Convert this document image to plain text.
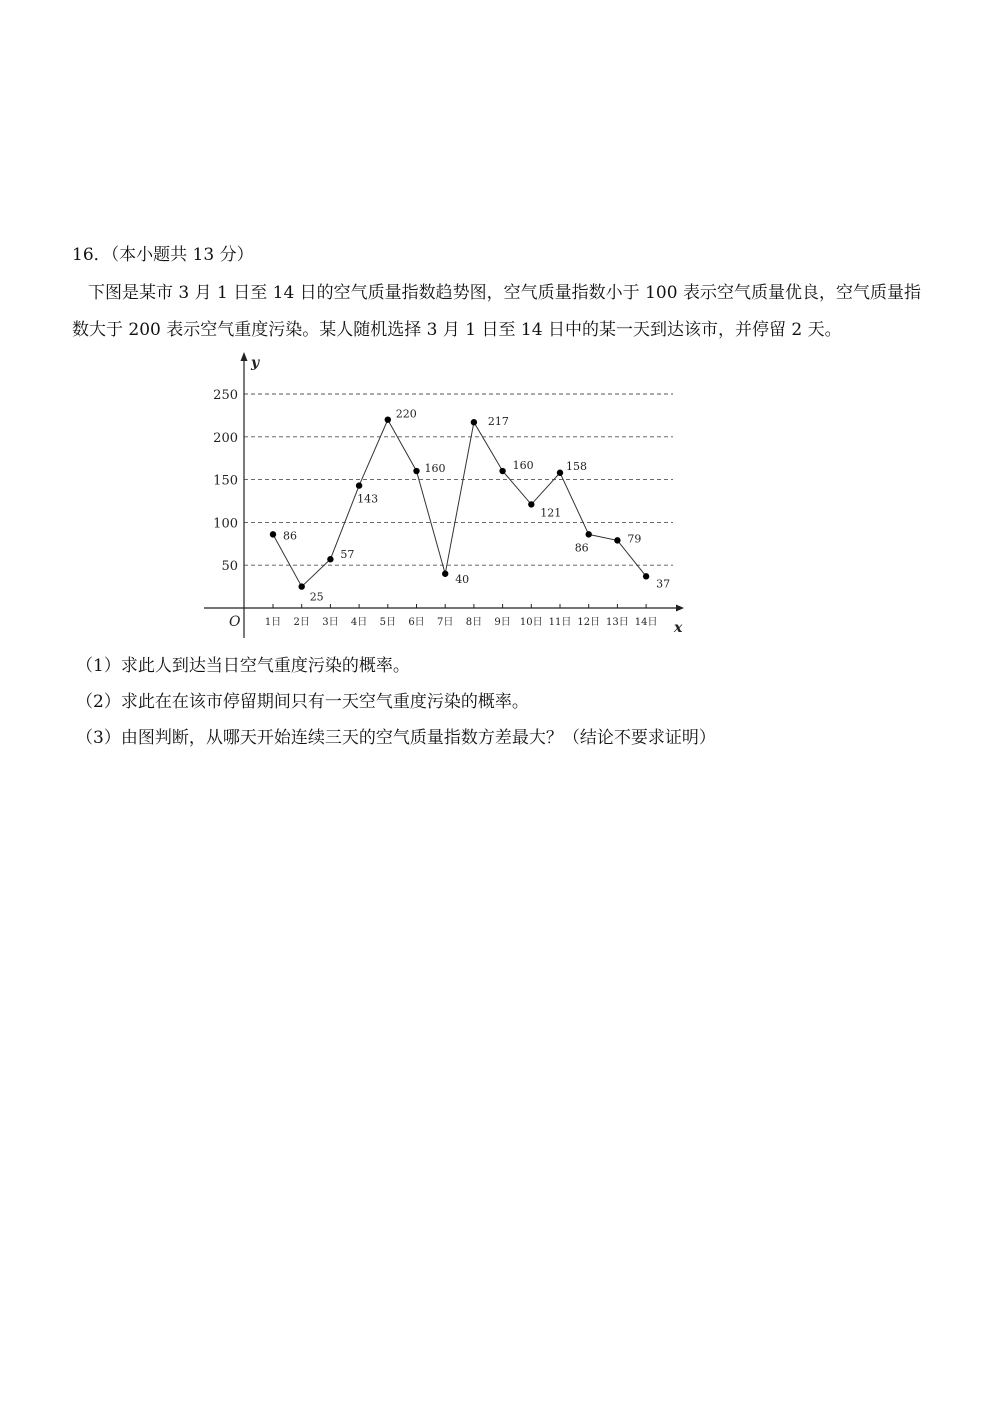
16．（本小题共 13 分）
下图是某市 3 月 1 日至 14 日的空气质量指数趋势图，空气质量指数小于 100 表示空气质量优良，空气质量指
数大于 200 表示空气重度污染。某人随机选择 3 月 1 日至 14 日中的某一天到达该市，并停留 2 天。
86
25
57
143
220
160
40
217
160
121
158
86
79
37
50
100
150
200
250
y
x
O 1日 2日 3日 4日 5日 6日 7日 8日 9日 10日 11日 12日 13日 14日
（1）求此人到达当日空气重度污染的概率。
（2）求此在在该市停留期间只有一天空气重度污染的概率。
（3）由图判断，从哪天开始连续三天的空气质量指数方差最大？（结论不要求证明）
